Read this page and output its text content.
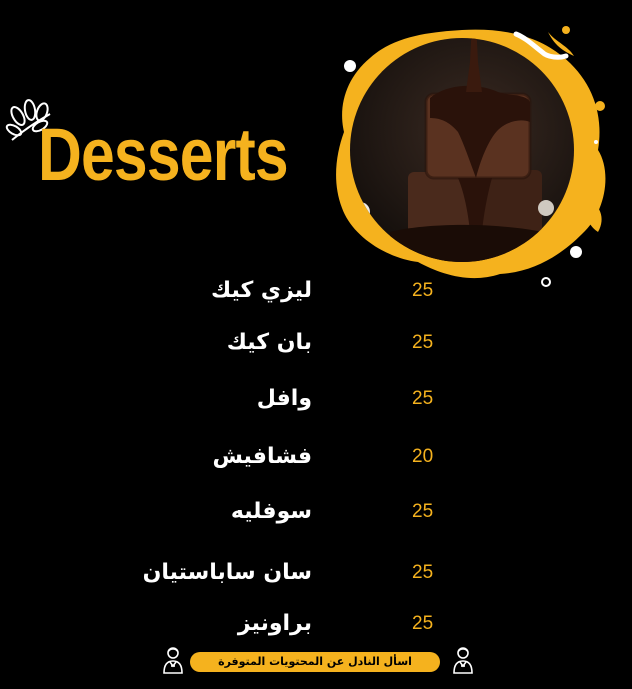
Desserts
ليزي كيك	25
بان كيك	25
وافل	25
فشافيش	20
سوفليه	25
سان ساباستيان	25
براونيز	25
اسأل النادل عن المحتويات المتوفرة
